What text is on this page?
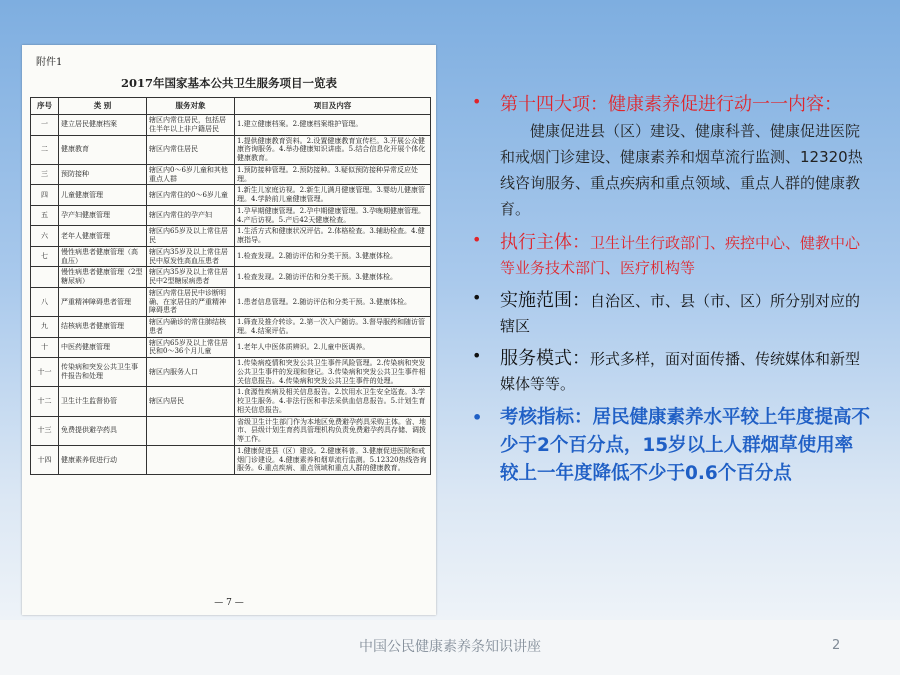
附件1
2017年国家基本公共卫生服务项目一览表
序号	类 别	服务对象	项目及内容
一	建立居民健康档案	辖区内常住居民，包括居住半年以上非户籍居民	1.建立健康档案。2.健康档案维护管理。
二	健康教育	辖区内常住居民	1.提供健康教育资料。2.设置健康教育宣传栏。3.开展公众健康咨询服务。4.举办健康知识讲座。5.结合信息化开展个体化健康教育。
三	预防接种	辖区内0～6岁儿童和其他重点人群	1.预防接种管理。2.预防接种。3.疑似预防接种异常反应处理。
四	儿童健康管理	辖区内常住的0～6岁儿童	1.新生儿家庭访视。2.新生儿满月健康管理。3.婴幼儿健康管理。4.学龄前儿童健康管理。
五	孕产妇健康管理	辖区内常住的孕产妇	1.孕早期健康管理。2.孕中期健康管理。3.孕晚期健康管理。4.产后访视。5.产后42天健康检查。
六	老年人健康管理	辖区内65岁及以上常住居民	1.生活方式和健康状况评估。2.体格检查。3.辅助检查。4.健康指导。
七	慢性病患者健康管理（高血压）	辖区内35岁及以上常住居民中原发性高血压患者	1.检查发现。2.随访评估和分类干预。3.健康体检。
	慢性病患者健康管理（2型糖尿病）	辖区内35岁及以上常住居民中2型糖尿病患者	1.检查发现。2.随访评估和分类干预。3.健康体检。
八	严重精神障碍患者管理	辖区内常住居民中诊断明确、在家居住的严重精神障碍患者	1.患者信息管理。2.随访评估和分类干预。3.健康体检。
九	结核病患者健康管理	辖区内确诊的常住肺结核患者	1.筛查及推介转诊。2.第一次入户随访。3.督导服药和随访管理。4.结案评估。
十	中医药健康管理	辖区内65岁及以上常住居民和0～36个月儿童	1.老年人中医体质辨识。2.儿童中医调养。
十一	传染病和突发公共卫生事件报告和处理	辖区内服务人口	1.传染病疫情和突发公共卫生事件风险管理。2.传染病和突发公共卫生事件的发现和登记。3.传染病和突发公共卫生事件相关信息报告。4.传染病和突发公共卫生事件的处理。
十二	卫生计生监督协管	辖区内居民	1.食源性疾病及相关信息报告。2.饮用水卫生安全巡查。3.学校卫生服务。4.非法行医和非法采供血信息报告。5.计划生育相关信息报告。
十三	免费提供避孕药具		省级卫生计生部门作为本地区免费避孕药具采购主体。省、地市、县级计划生育药具管理机构负责免费避孕药具存储、调拨等工作。
十四	健康素养促进行动		1.健康促进县（区）建设。2.健康科普。3.健康促进医院和戒烟门诊建设。4.健康素养和烟草流行监测。5.12320热线咨询服务。6.重点疾病、重点领域和重点人群的健康教育。
— 7 —
• 第十四大项：健康素养促进行动一一内容：
健康促进县（区）建设、健康科普、健康促进医院和戒烟门诊建设、健康素养和烟草流行监测、12320热线咨询服务、重点疾病和重点领域、重点人群的健康教育。
• 执行主体：卫生计生行政部门、疾控中心、健教中心等业务技术部门、医疗机构等
• 实施范围：自治区、市、县（市、区）所分别对应的辖区
• 服务模式：形式多样，面对面传播、传统媒体和新型媒体等等。
• 考核指标：居民健康素养水平较上年度提高不少于2个百分点，15岁以上人群烟草使用率较上一年度降低不少于0.6个百分点
中国公民健康素养条知识讲座	2
